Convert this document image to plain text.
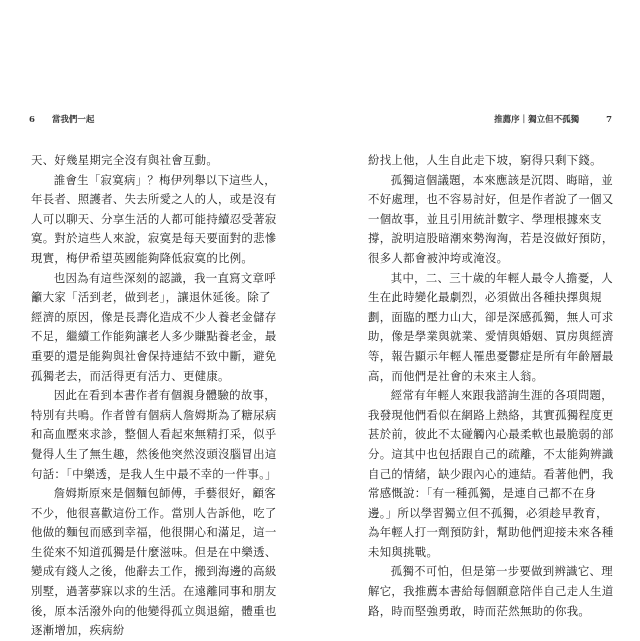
6 當我們一起

天、好幾星期完全沒有與社會互動。

誰會生「寂寞病」？梅伊列舉以下這些人，年長者、照護者、失去所愛之人的人，或是沒有人可以聊天、分享生活的人都可能持續忍受著寂寞。對於這些人來說，寂寞是每天要面對的悲慘現實，梅伊希望英國能夠降低寂寞的比例。

也因為有這些深刻的認識，我一直寫文章呼籲大家「活到老，做到老」，讓退休延後。除了經濟的原因，像是長壽化造成不少人養老金儲存不足，繼續工作能夠讓老人多少賺點養老金，最重要的還是能夠與社會保持連結不致中斷，避免孤獨老去，而活得更有活力、更健康。

因此在看到本書作者有個親身體驗的故事，特別有共鳴。作者曾有個病人詹姆斯為了糖尿病和高血壓來求診，整個人看起來無精打采，似乎覺得人生了無生趣，然後他突然沒頭沒腦冒出這句話：「中樂透，是我人生中最不幸的一件事。」

詹姆斯原來是個麵包師傅，手藝很好，顧客不少，他很喜歡這份工作。當別人告訴他，吃了他做的麵包而感到幸福，他很開心和滿足，這一生從來不知道孤獨是什麼滋味。但是在中樂透、變成有錢人之後，他辭去工作，搬到海邊的高級別墅，過著夢寐以求的生活。在遠離同事和朋友後，原本活潑外向的他變得孤立與退縮，體重也逐漸增加，疾病紛

推薦序｜獨立但不孤獨	7

紛找上他，人生自此走下坡，窮得只剩下錢。

孤獨這個議題，本來應該是沉悶、晦暗，並不好處理，也不容易討好，但是作者說了一個又一個故事，並且引用統計數字、學理根據來支撐，說明這股暗潮來勢洶洶，若是沒做好預防，很多人都會被沖垮或淹沒。

其中，二、三十歲的年輕人最令人擔憂，人生在此時變化最劇烈，必須做出各種抉擇與規劃，面臨的壓力山大，卻是深感孤獨，無人可求助，像是學業與就業、愛情與婚姻、買房與經濟等，報告顯示年輕人罹患憂鬱症是所有年齡層最高，而他們是社會的未來主人翁。

經常有年輕人來跟我諮詢生涯的各項問題，我發現他們看似在網路上熱絡，其實孤獨程度更甚於前，彼此不太碰觸內心最柔軟也最脆弱的部分。這其中也包括跟自己的疏離，不太能夠辨識自己的情緒，缺少跟內心的連結。看著他們，我常感慨說：「有一種孤獨，是連自己都不在身邊。」所以學習獨立但不孤獨，必須趁早教育，為年輕人打一劑預防針，幫助他們迎接未來各種未知與挑戰。

孤獨不可怕，但是第一步要做到辨識它、理解它，我推薦本書給每個願意陪伴自己走人生道路，時而堅強勇敢，時而茫然無助的你我。
